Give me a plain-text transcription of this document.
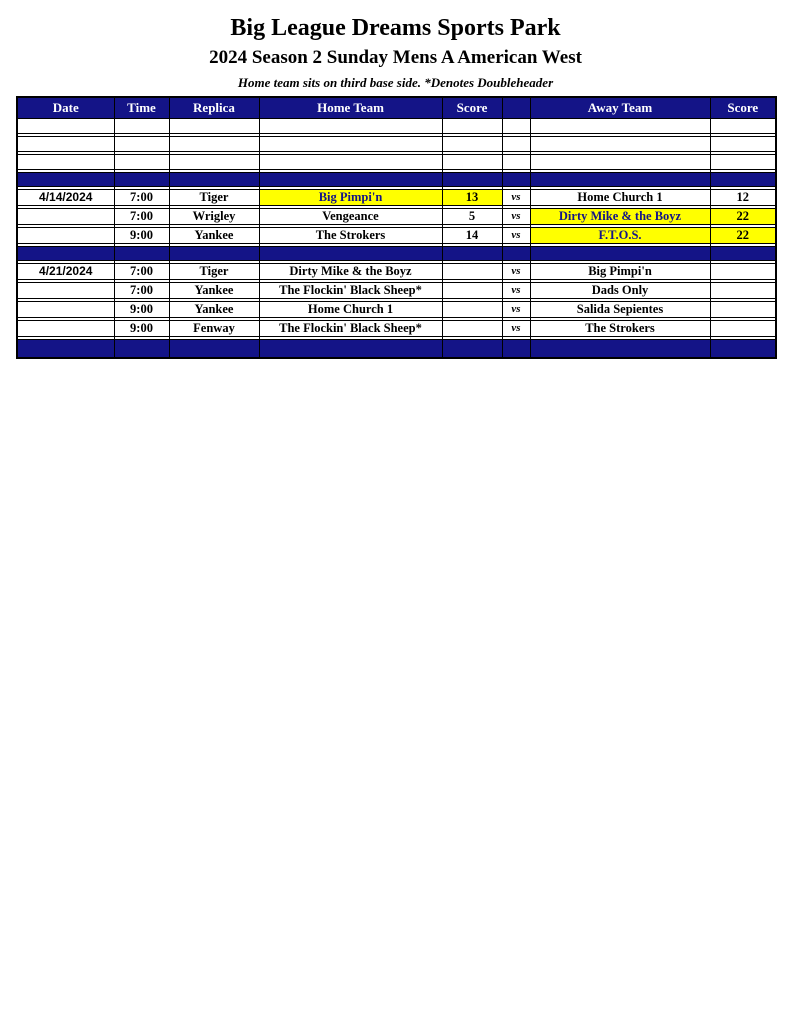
Big League Dreams Sports Park
2024 Season 2 Sunday Mens A American West
Home team sits on third base side. *Denotes Doubleheader
Date	Time	Replica	Home Team	Score		Away Team	Score

4/14/2024	7:00	Tiger	Big Pimpi'n	13	vs	Home Church 1	12

	7:00	Wrigley	Vengeance	5	vs	Dirty Mike & the Boyz	22

	9:00	Yankee	The Strokers	14	vs	F.T.O.S.	22

4/21/2024	7:00	Tiger	Dirty Mike & the Boyz		vs	Big Pimpi'n	

	7:00	Yankee	The Flockin' Black Sheep*		vs	Dads Only	

	9:00	Yankee	Home Church 1		vs	Salida Sepientes	

	9:00	Fenway	The Flockin' Black Sheep*		vs	The Strokers	
